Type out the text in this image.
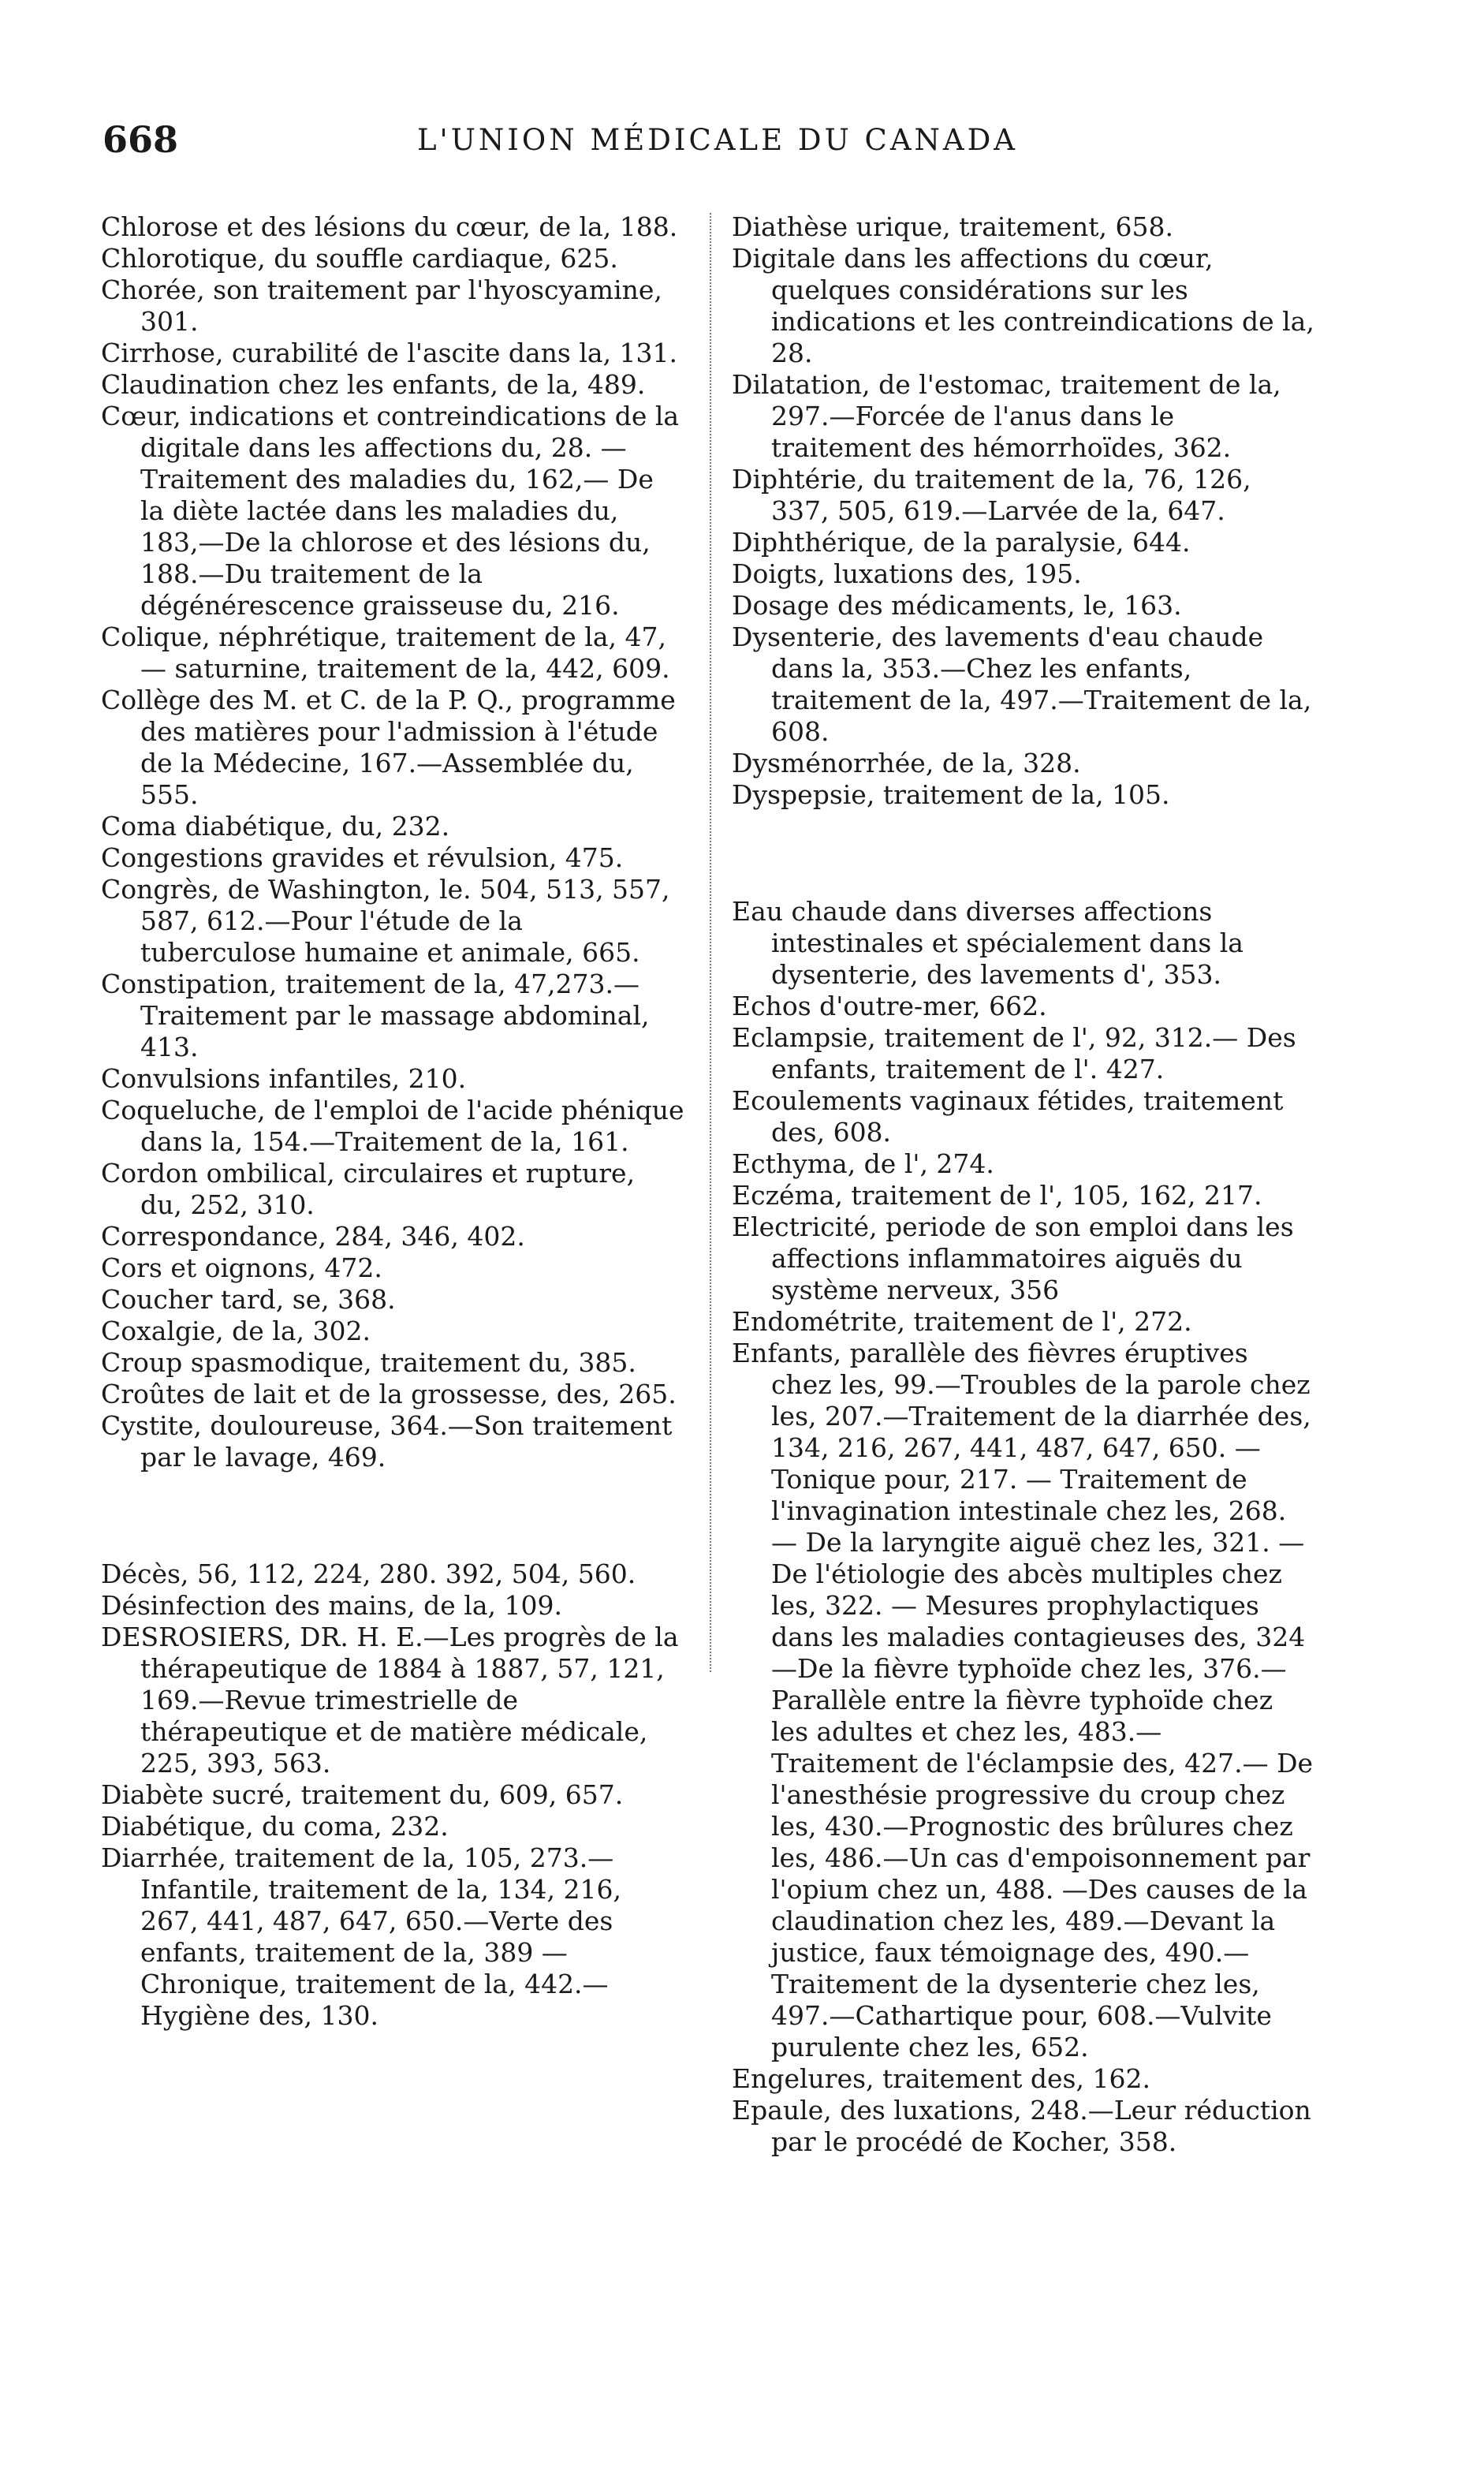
668	L'UNION MÉDICALE DU CANADA

Chlorose et des lésions du cœur, de la, 188.

Chlorotique, du souffle cardiaque, 625.

Chorée, son traitement par l'hyoscyamine, 301.

Cirrhose, curabilité de l'ascite dans la, 131.

Claudination chez les enfants, de la, 489.

Cœur, indications et contreindications de la digitale dans les affections du, 28. — Traitement des maladies du, 162,— De la diète lactée dans les maladies du, 183,—De la chlorose et des lésions du, 188.—Du traitement de la dégénérescence graisseuse du, 216.

Colique, néphrétique, traitement de la, 47,— saturnine, traitement de la, 442, 609.

Collège des M. et C. de la P. Q., programme des matières pour l'admission à l'étude de la Médecine, 167.—Assemblée du, 555.

Coma diabétique, du, 232.

Congestions gravides et révulsion, 475.

Congrès, de Washington, le. 504, 513, 557, 587, 612.—Pour l'étude de la tuberculose humaine et animale, 665.

Constipation, traitement de la, 47,273.— Traitement par le massage abdominal, 413.

Convulsions infantiles, 210.

Coqueluche, de l'emploi de l'acide phénique dans la, 154.—Traitement de la, 161.

Cordon ombilical, circulaires et rupture, du, 252, 310.

Correspondance, 284, 346, 402.

Cors et oignons, 472.

Coucher tard, se, 368.

Coxalgie, de la, 302.

Croup spasmodique, traitement du, 385.

Croûtes de lait et de la grossesse, des, 265.

Cystite, douloureuse, 364.—Son traitement par le lavage, 469.

Décès, 56, 112, 224, 280. 392, 504, 560.

Désinfection des mains, de la, 109.

DESROSIERS, DR. H. E.—Les progrès de la thérapeutique de 1884 à 1887, 57, 121, 169.—Revue trimestrielle de thérapeutique et de matière médicale, 225, 393, 563.

Diabète sucré, traitement du, 609, 657.

Diabétique, du coma, 232.

Diarrhée, traitement de la, 105, 273.— Infantile, traitement de la, 134, 216, 267, 441, 487, 647, 650.—Verte des enfants, traitement de la, 389 — Chronique, traitement de la, 442.— Hygiène des, 130.

Diathèse urique, traitement, 658.

Digitale dans les affections du cœur, quelques considérations sur les indications et les contreindications de la, 28.

Dilatation, de l'estomac, traitement de la, 297.—Forcée de l'anus dans le traitement des hémorrhoïdes, 362.

Diphtérie, du traitement de la, 76, 126, 337, 505, 619.—Larvée de la, 647.

Diphthérique, de la paralysie, 644.

Doigts, luxations des, 195.

Dosage des médicaments, le, 163.

Dysenterie, des lavements d'eau chaude dans la, 353.—Chez les enfants, traitement de la, 497.—Traitement de la, 608.

Dysménorrhée, de la, 328.

Dyspepsie, traitement de la, 105.

Eau chaude dans diverses affections intestinales et spécialement dans la dysenterie, des lavements d', 353.

Echos d'outre-mer, 662.

Eclampsie, traitement de l', 92, 312.— Des enfants, traitement de l'. 427.

Ecoulements vaginaux fétides, traitement des, 608.

Ecthyma, de l', 274.

Eczéma, traitement de l', 105, 162, 217.

Electricité, periode de son emploi dans les affections inflammatoires aiguës du système nerveux, 356

Endométrite, traitement de l', 272.

Enfants, parallèle des fièvres éruptives chez les, 99.—Troubles de la parole chez les, 207.—Traitement de la diarrhée des, 134, 216, 267, 441, 487, 647, 650. — Tonique pour, 217. — Traitement de l'invagination intestinale chez les, 268. — De la laryngite aiguë chez les, 321. — De l'étiologie des abcès multiples chez les, 322. — Mesures prophylactiques dans les maladies contagieuses des, 324 —De la fièvre typhoïde chez les, 376.—Parallèle entre la fièvre typhoïde chez les adultes et chez les, 483.— Traitement de l'éclampsie des, 427.— De l'anesthésie progressive du croup chez les, 430.—Prognostic des brûlures chez les, 486.—Un cas d'empoisonnement par l'opium chez un, 488. —Des causes de la claudination chez les, 489.—Devant la justice, faux témoignage des, 490.—Traitement de la dysenterie chez les, 497.—Cathartique pour, 608.—Vulvite purulente chez les, 652.

Engelures, traitement des, 162.

Epaule, des luxations, 248.—Leur réduction par le procédé de Kocher, 358.
